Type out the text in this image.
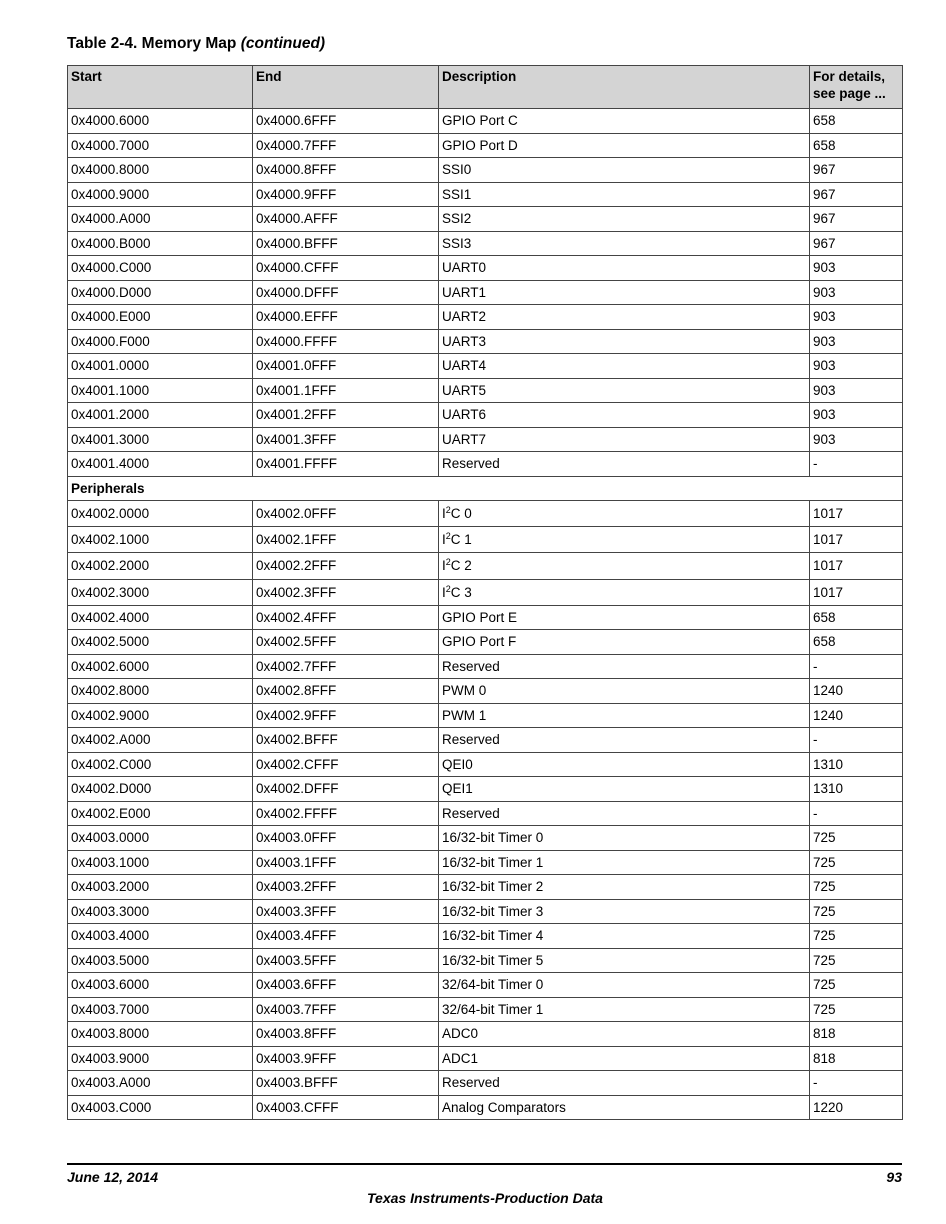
Table 2-4. Memory Map (continued)
Start	End	Description	For details, see page ...
0x4000.6000	0x4000.6FFF	GPIO Port C	658
0x4000.7000	0x4000.7FFF	GPIO Port D	658
0x4000.8000	0x4000.8FFF	SSI0	967
0x4000.9000	0x4000.9FFF	SSI1	967
0x4000.A000	0x4000.AFFF	SSI2	967
0x4000.B000	0x4000.BFFF	SSI3	967
0x4000.C000	0x4000.CFFF	UART0	903
0x4000.D000	0x4000.DFFF	UART1	903
0x4000.E000	0x4000.EFFF	UART2	903
0x4000.F000	0x4000.FFFF	UART3	903
0x4001.0000	0x4001.0FFF	UART4	903
0x4001.1000	0x4001.1FFF	UART5	903
0x4001.2000	0x4001.2FFF	UART6	903
0x4001.3000	0x4001.3FFF	UART7	903
0x4001.4000	0x4001.FFFF	Reserved	-
Peripherals			
0x4002.0000	0x4002.0FFF	$I^2C$ 0	1017
0x4002.1000	0x4002.1FFF	$I^2C$ 1	1017
0x4002.2000	0x4002.2FFF	$I^2C$ 2	1017
0x4002.3000	0x4002.3FFF	$I^2C$ 3	1017
0x4002.4000	0x4002.4FFF	GPIO Port E	658
0x4002.5000	0x4002.5FFF	GPIO Port F	658
0x4002.6000	0x4002.7FFF	Reserved	-
0x4002.8000	0x4002.8FFF	PWM 0	1240
0x4002.9000	0x4002.9FFF	PWM 1	1240
0x4002.A000	0x4002.BFFF	Reserved	-
0x4002.C000	0x4002.CFFF	QEI0	1310
0x4002.D000	0x4002.DFFF	QEI1	1310
0x4002.E000	0x4002.FFFF	Reserved	-
0x4003.0000	0x4003.0FFF	16/32-bit Timer 0	725
0x4003.1000	0x4003.1FFF	16/32-bit Timer 1	725
0x4003.2000	0x4003.2FFF	16/32-bit Timer 2	725
0x4003.3000	0x4003.3FFF	16/32-bit Timer 3	725
0x4003.4000	0x4003.4FFF	16/32-bit Timer 4	725
0x4003.5000	0x4003.5FFF	16/32-bit Timer 5	725
0x4003.6000	0x4003.6FFF	32/64-bit Timer 0	725
0x4003.7000	0x4003.7FFF	32/64-bit Timer 1	725
0x4003.8000	0x4003.8FFF	ADC0	818
0x4003.9000	0x4003.9FFF	ADC1	818
0x4003.A000	0x4003.BFFF	Reserved	-
0x4003.C000	0x4003.CFFF	Analog Comparators	1220
June 12, 2014	93
Texas Instruments-Production Data
